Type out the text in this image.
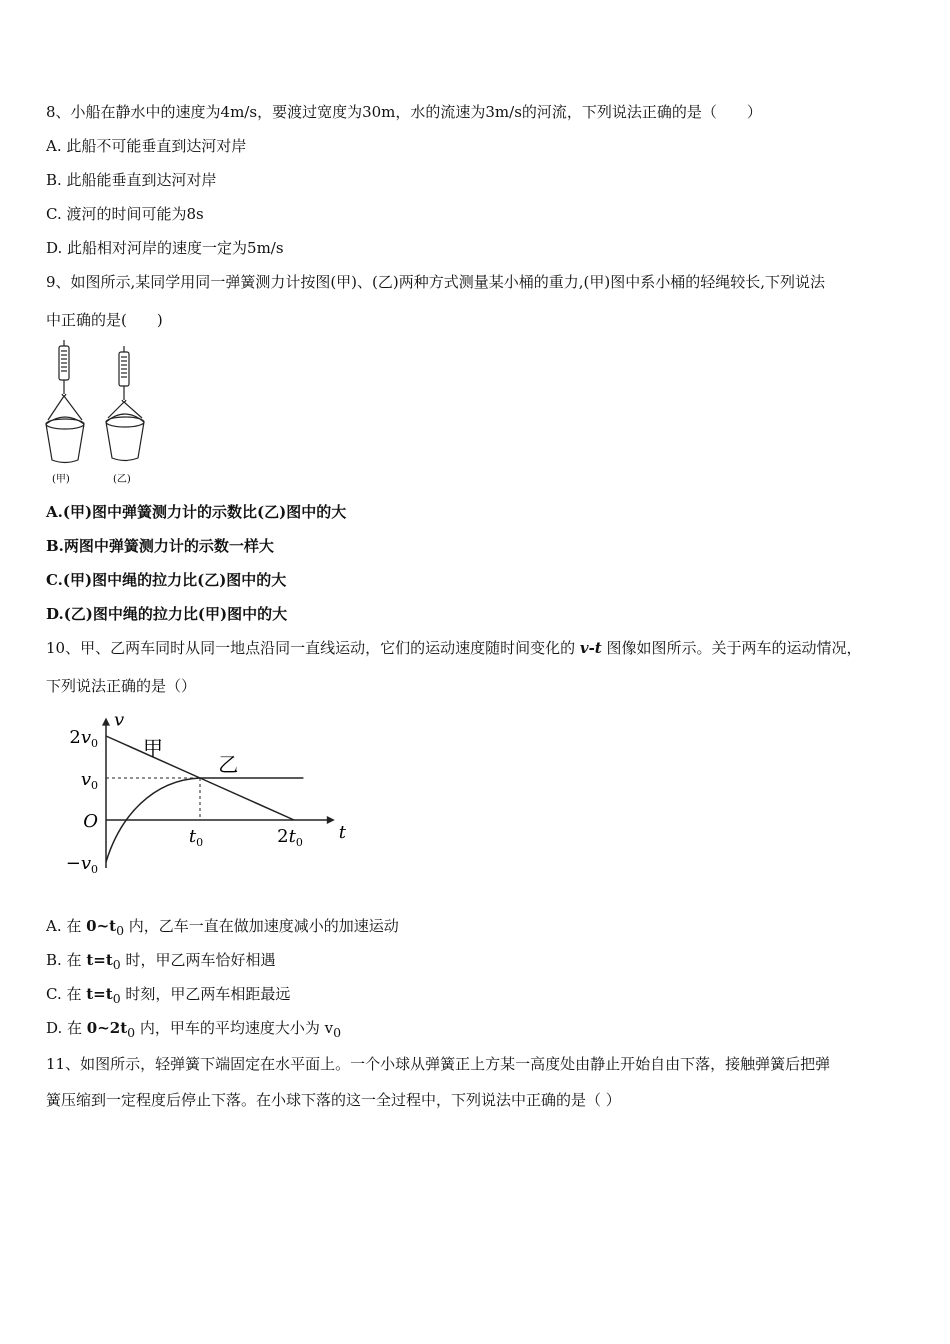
8、小船在静水中的速度为4m/s，要渡过宽度为30m，水的流速为3m/s的河流，下列说法正确的是（　　）
A. 此船不可能垂直到达河对岸
B. 此船能垂直到达河对岸
C. 渡河的时间可能为8s
D. 此船相对河岸的速度一定为5m/s
9、如图所示,某同学用同一弹簧测力计按图(甲)、(乙)两种方式测量某小桶的重力,(甲)图中系小桶的轻绳较长,下列说法
中正确的是(　　)
(甲)	(乙)
A.(甲)图中弹簧测力计的示数比(乙)图中的大
B.两图中弹簧测力计的示数一样大
C.(甲)图中绳的拉力比(乙)图中的大
D.(乙)图中绳的拉力比(甲)图中的大
10、甲、乙两车同时从同一地点沿同一直线运动，它们的运动速度随时间变化的 v-t 图像如图所示。关于两车的运动情况，
下列说法正确的是（）
v
t
$2v_0$
$v_0$
O
$-v_0$
$t_0$	$2t_0$
甲
乙
A. 在 $0\sim t_0$ 内，乙车一直在做加速度减小的加速运动
B. 在 $t=t_0$ 时，甲乙两车恰好相遇
C. 在 $t=t_0$ 时刻，甲乙两车相距最远
D. 在 $0\sim 2t_0$ 内，甲车的平均速度大小为 $v_0$
11、如图所示，轻弹簧下端固定在水平面上。一个小球从弹簧正上方某一高度处由静止开始自由下落，接触弹簧后把弹
簧压缩到一定程度后停止下落。在小球下落的这一全过程中，下列说法中正确的是（ ）
